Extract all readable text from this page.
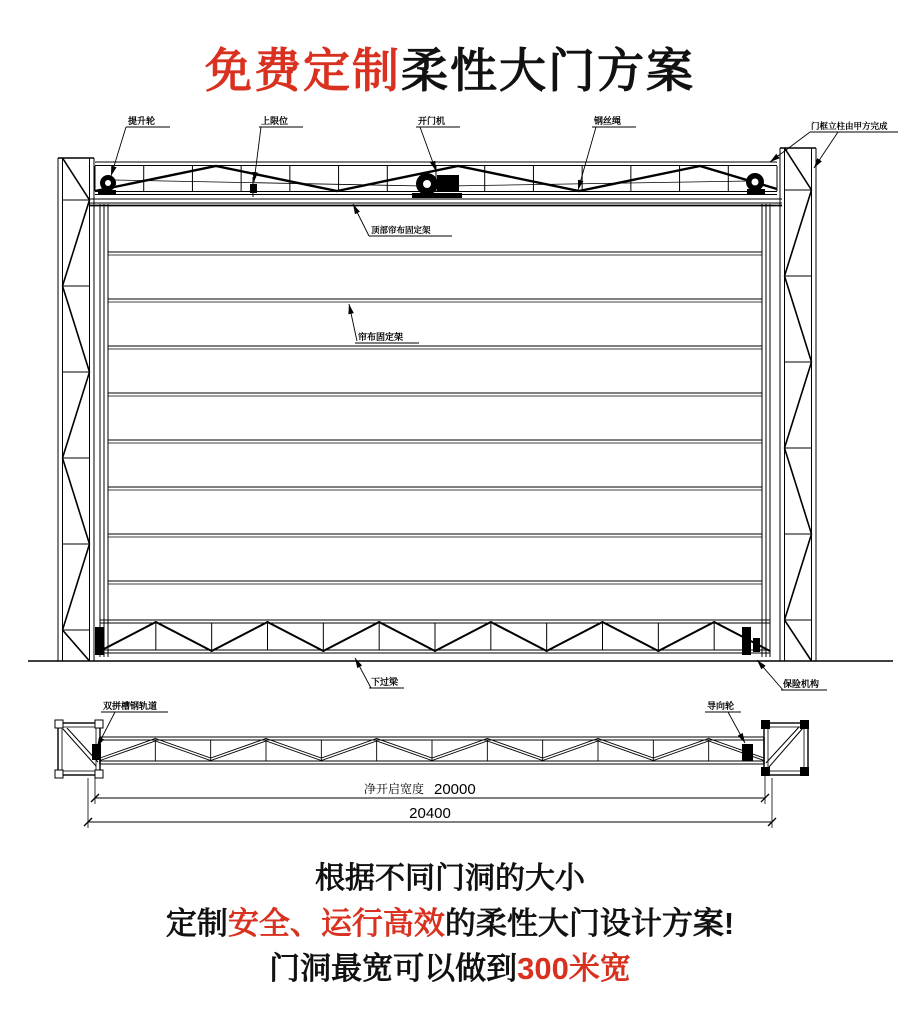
免费定制柔性大门方案
净开启宽度 20000
20400
提升轮	上限位	开门机	钢丝绳	门框立柱由甲方完成
顶部帘布固定架
帘布固定架
下过梁	保险机构
双拼槽钢轨道	导向轮
根据不同门洞的大小
定制安全、运行高效的柔性大门设计方案!
门洞最宽可以做到300米宽
